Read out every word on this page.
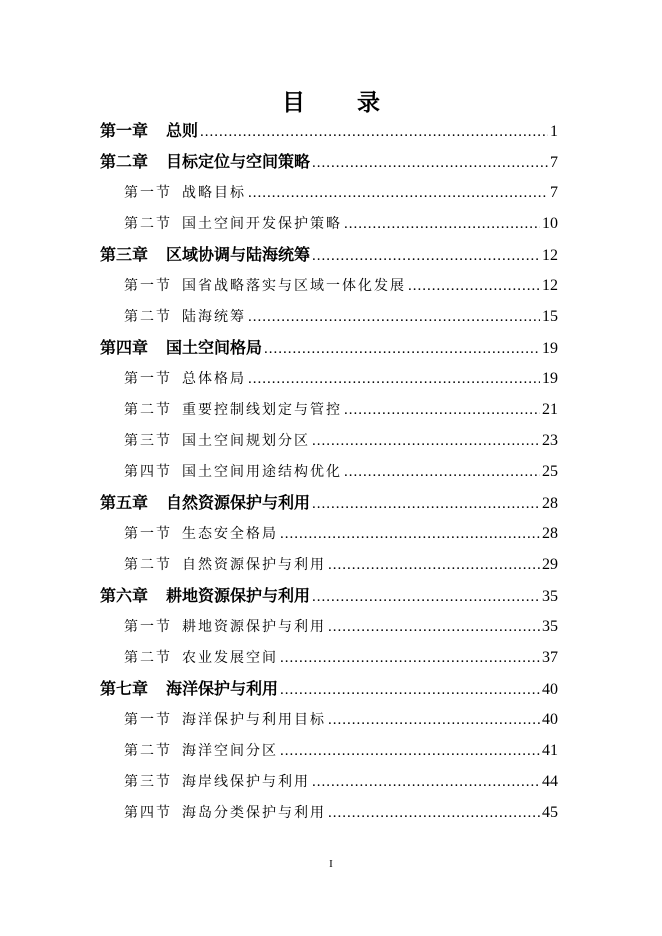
目 录
第一章 总则 .....	1
第二章 目标定位与空间策略 .....	7
第一节 战略目标 .....	7
第二节 国土空间开发保护策略 .....	10
第三章 区域协调与陆海统筹 .....	12
第一节 国省战略落实与区域一体化发展 .....	12
第二节 陆海统筹 .....	15
第四章 国土空间格局 .....	19
第一节 总体格局 .....	19
第二节 重要控制线划定与管控 .....	21
第三节 国土空间规划分区 .....	23
第四节 国土空间用途结构优化 .....	25
第五章 自然资源保护与利用 .....	28
第一节 生态安全格局 .....	28
第二节 自然资源保护与利用 .....	29
第六章 耕地资源保护与利用 .....	35
第一节 耕地资源保护与利用 .....	35
第二节 农业发展空间 .....	37
第七章 海洋保护与利用 .....	40
第一节 海洋保护与利用目标 .....	40
第二节 海洋空间分区 .....	41
第三节 海岸线保护与利用 .....	44
第四节 海岛分类保护与利用 .....	45
I
